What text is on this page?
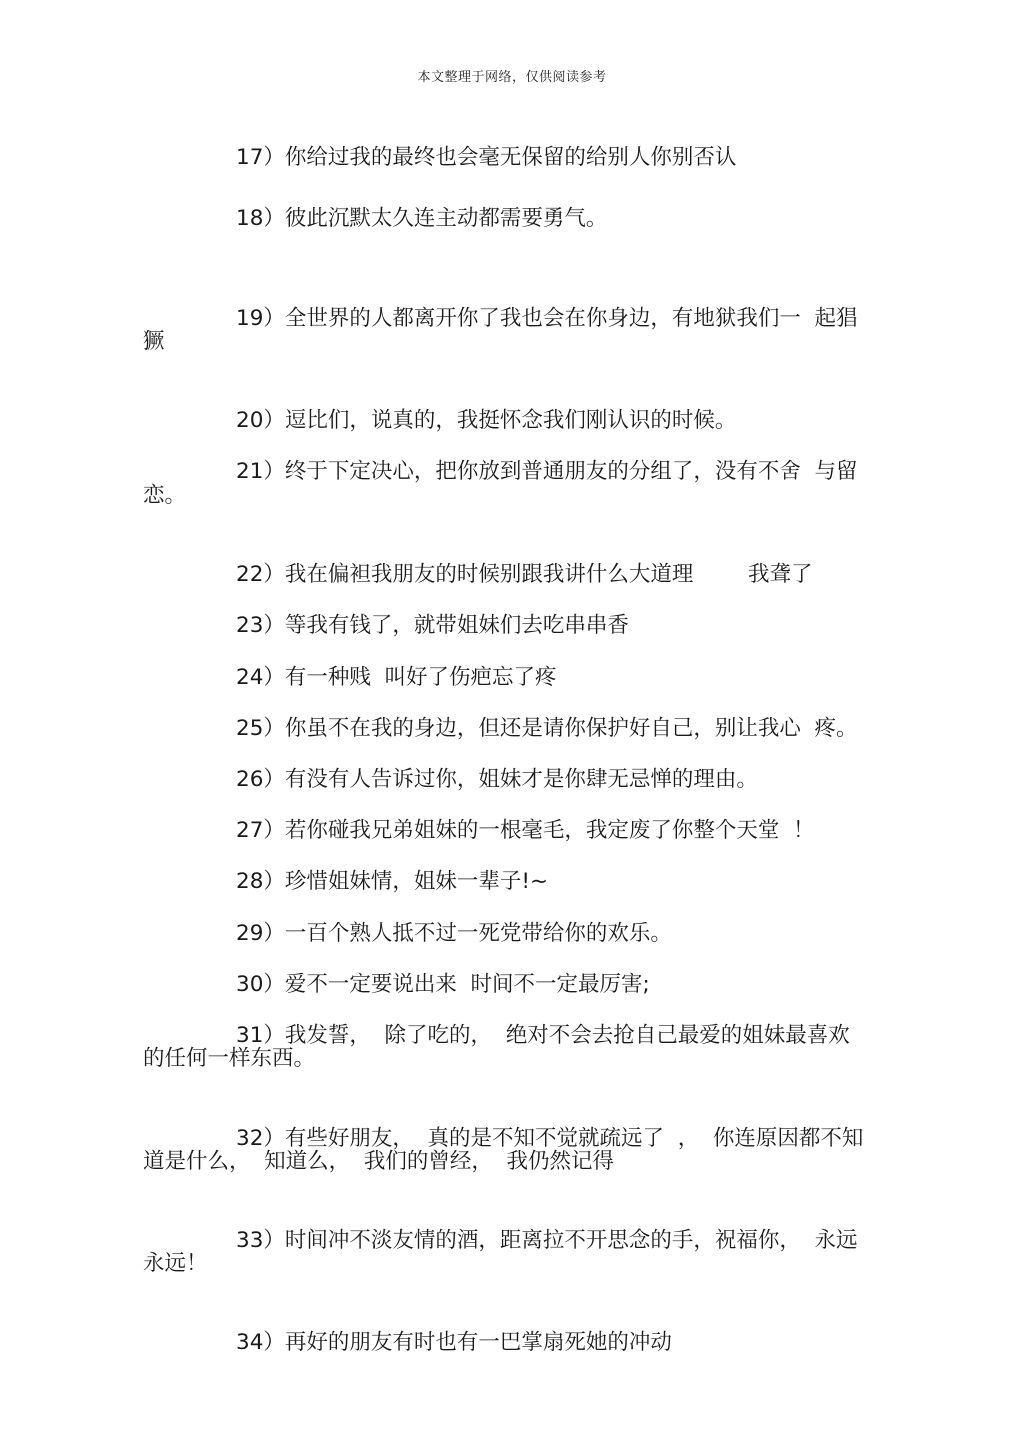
本文整理于网络，仅供阅读参考

17）你给过我的最终也会毫无保留的给别人你别否认

18）彼此沉默太久连主动都需要勇气。

19）全世界的人都离开你了我也会在你身边，有地狱我们一  起猖

獗

20）逗比们，说真的，我挺怀念我们刚认识的时候。

21）终于下定决心，把你放到普通朋友的分组了，没有不舍  与留

恋。

22）我在偏袒我朋友的时候别跟我讲什么大道理        我聋了

23）等我有钱了，就带姐妹们去吃串串香

24）有一种贱  叫好了伤疤忘了疼

25）你虽不在我的身边，但还是请你保护好自己，别让我心  疼。

26）有没有人告诉过你，姐妹才是你肆无忌惮的理由。

27）若你碰我兄弟姐妹的一根毫毛，我定废了你整个天堂  ！

28）珍惜姐妹情，姐妹一辈子!~

29）一百个熟人抵不过一死党带给你的欢乐。

30）爱不一定要说出来  时间不一定最厉害;

31）我发誓，  除了吃的，  绝对不会去抢自己最爱的姐妹最喜欢

的任何一样东西。

32）有些好朋友，  真的是不知不觉就疏远了  ，  你连原因都不知

道是什么，  知道么，  我们的曾经，  我仍然记得

33）时间冲不淡友情的酒，距离拉不开思念的手，祝福你，  永远

永远！

34）再好的朋友有时也有一巴掌扇死她的冲动
